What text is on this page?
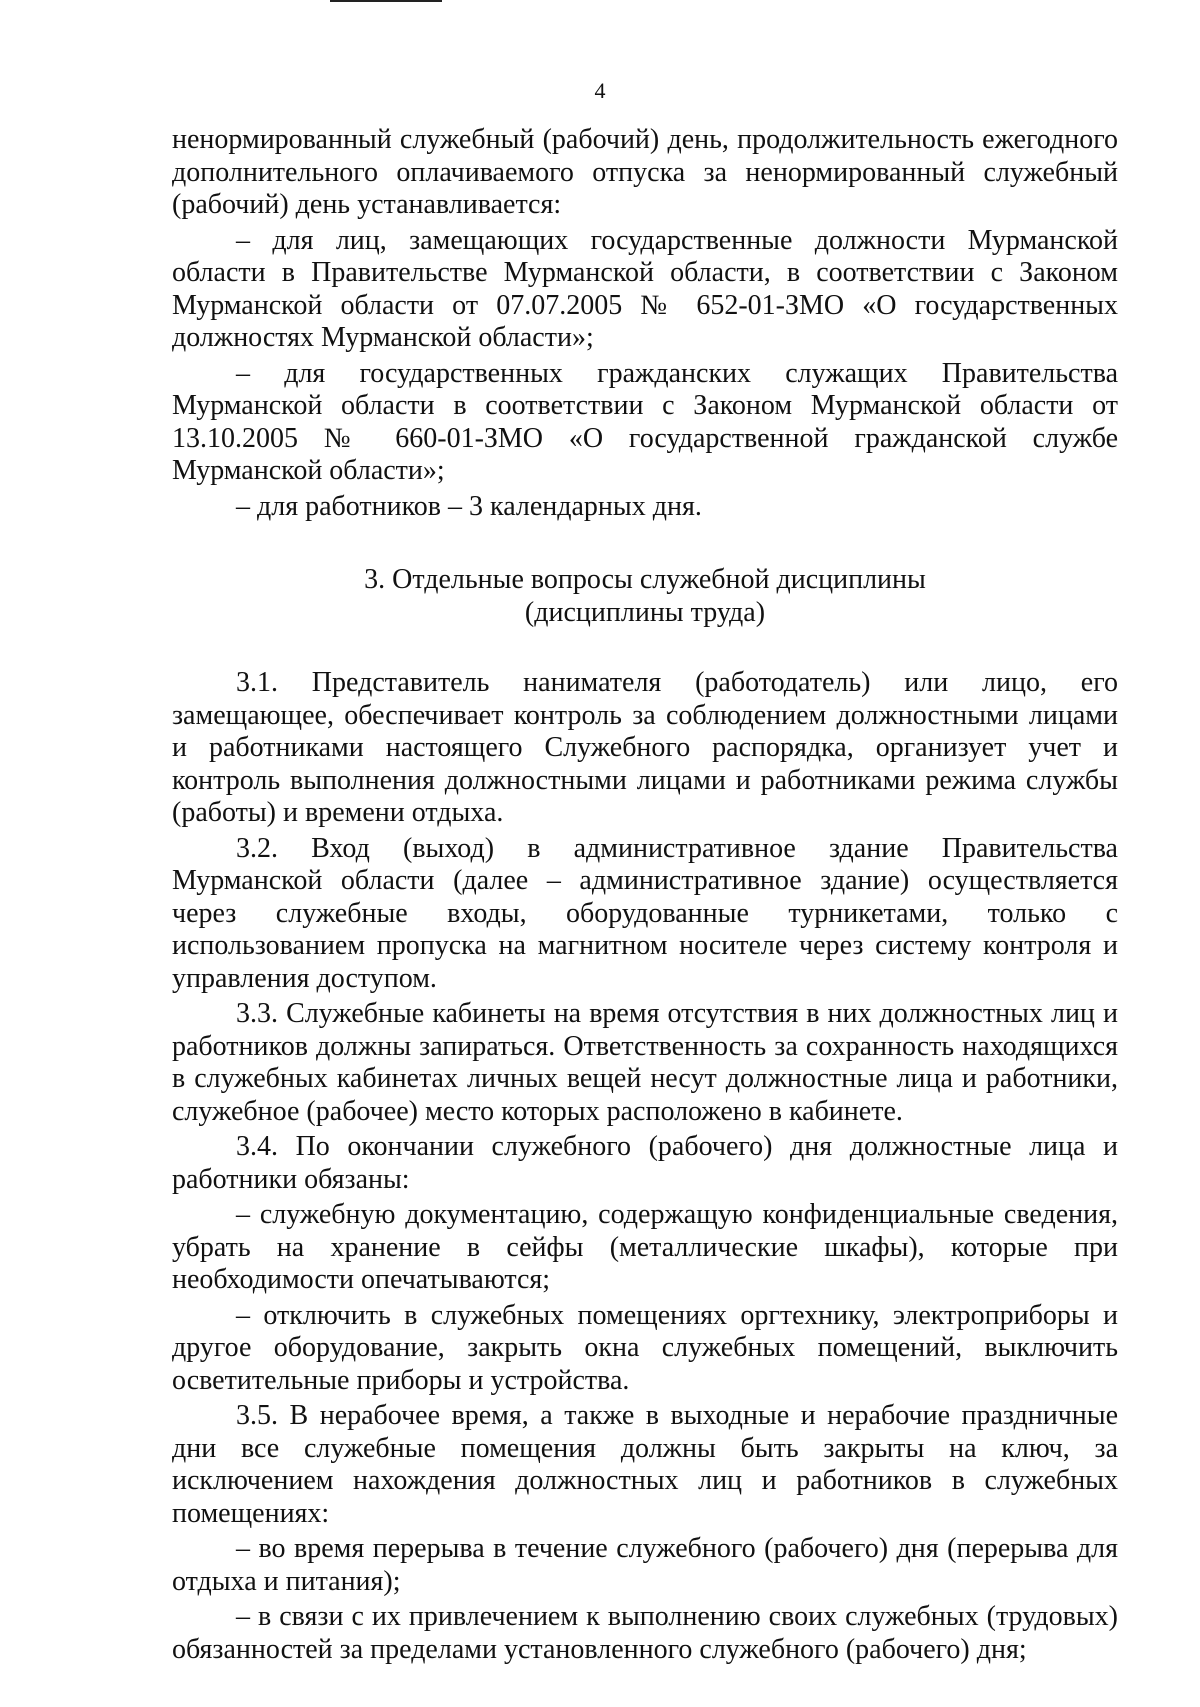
4

ненормированный служебный (рабочий) день, продолжительность ежегодного дополнительного оплачиваемого отпуска за ненормированный служебный (рабочий) день устанавливается:

– для лиц, замещающих государственные должности Мурманской области в Правительстве Мурманской области, в соответствии с Законом Мурманской области от 07.07.2005 № 652-01-ЗМО «О государственных должностях Мурманской области»;

– для государственных гражданских служащих Правительства Мурманской области в соответствии с Законом Мурманской области от 13.10.2005 № 660-01-ЗМО «О государственной гражданской службе Мурманской области»;

– для работников – 3 календарных дня.

3. Отдельные вопросы служебной дисциплины
(дисциплины труда)

3.1. Представитель нанимателя (работодатель) или лицо, его замещающее, обеспечивает контроль за соблюдением должностными лицами и работниками настоящего Служебного распорядка, организует учет и контроль выполнения должностными лицами и работниками режима службы (работы) и времени отдыха.

3.2. Вход (выход) в административное здание Правительства Мурманской области (далее – административное здание) осуществляется через служебные входы, оборудованные турникетами, только с использованием пропуска на магнитном носителе через систему контроля и управления доступом.

3.3. Служебные кабинеты на время отсутствия в них должностных лиц и работников должны запираться. Ответственность за сохранность находящихся в служебных кабинетах личных вещей несут должностные лица и работники, служебное (рабочее) место которых расположено в кабинете.

3.4. По окончании служебного (рабочего) дня должностные лица и работники обязаны:

– служебную документацию, содержащую конфиденциальные сведения, убрать на хранение в сейфы (металлические шкафы), которые при необходимости опечатываются;

– отключить в служебных помещениях оргтехнику, электроприборы и другое оборудование, закрыть окна служебных помещений, выключить осветительные приборы и устройства.

3.5. В нерабочее время, а также в выходные и нерабочие праздничные дни все служебные помещения должны быть закрыты на ключ, за исключением нахождения должностных лиц и работников в служебных помещениях:

– во время перерыва в течение служебного (рабочего) дня (перерыва для отдыха и питания);

– в связи с их привлечением к выполнению своих служебных (трудовых) обязанностей за пределами установленного служебного (рабочего) дня;
